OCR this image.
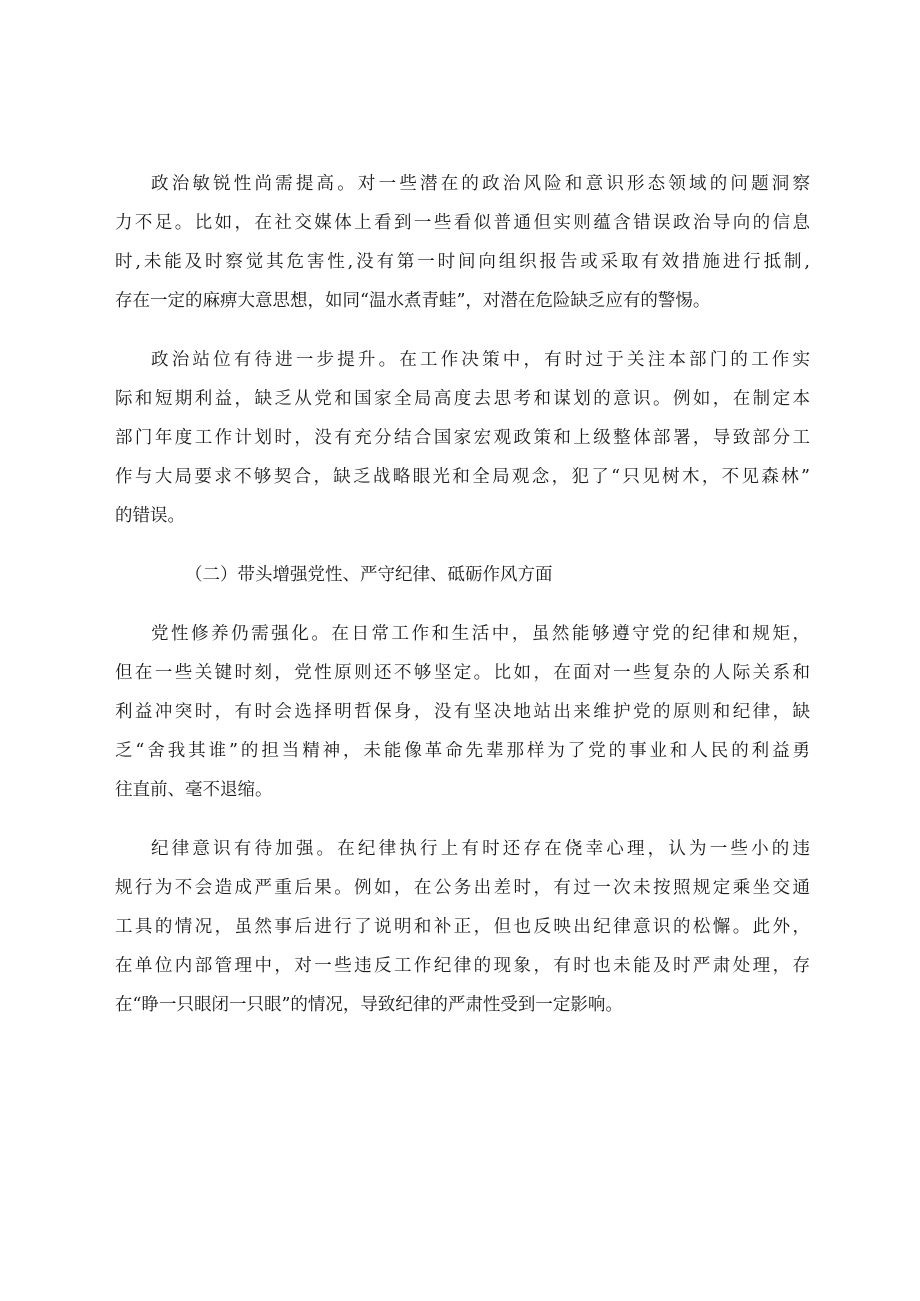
政治敏锐性尚需提高。对一些潜在的政治风险和意识形态领域的问题洞察
力不足。比如，在社交媒体上看到一些看似普通但实则蕴含错误政治导向的信息
时,未能及时察觉其危害性,没有第一时间向组织报告或采取有效措施进行抵制,
存在一定的麻痹大意思想，如同“温水煮青蛙”，对潜在危险缺乏应有的警惕。

政治站位有待进一步提升。在工作决策中，有时过于关注本部门的工作实
际和短期利益，缺乏从党和国家全局高度去思考和谋划的意识。例如，在制定本
部门年度工作计划时，没有充分结合国家宏观政策和上级整体部署，导致部分工
作与大局要求不够契合，缺乏战略眼光和全局观念，犯了“只见树木，不见森林”
的错误。

（二）带头增强党性、严守纪律、砥砺作风方面

党性修养仍需强化。在日常工作和生活中，虽然能够遵守党的纪律和规矩，
但在一些关键时刻，党性原则还不够坚定。比如，在面对一些复杂的人际关系和
利益冲突时，有时会选择明哲保身，没有坚决地站出来维护党的原则和纪律，缺
乏“舍我其谁”的担当精神，未能像革命先辈那样为了党的事业和人民的利益勇
往直前、毫不退缩。

纪律意识有待加强。在纪律执行上有时还存在侥幸心理，认为一些小的违
规行为不会造成严重后果。例如，在公务出差时，有过一次未按照规定乘坐交通
工具的情况，虽然事后进行了说明和补正，但也反映出纪律意识的松懈。此外，
在单位内部管理中，对一些违反工作纪律的现象，有时也未能及时严肃处理，存
在“睁一只眼闭一只眼”的情况，导致纪律的严肃性受到一定影响。
